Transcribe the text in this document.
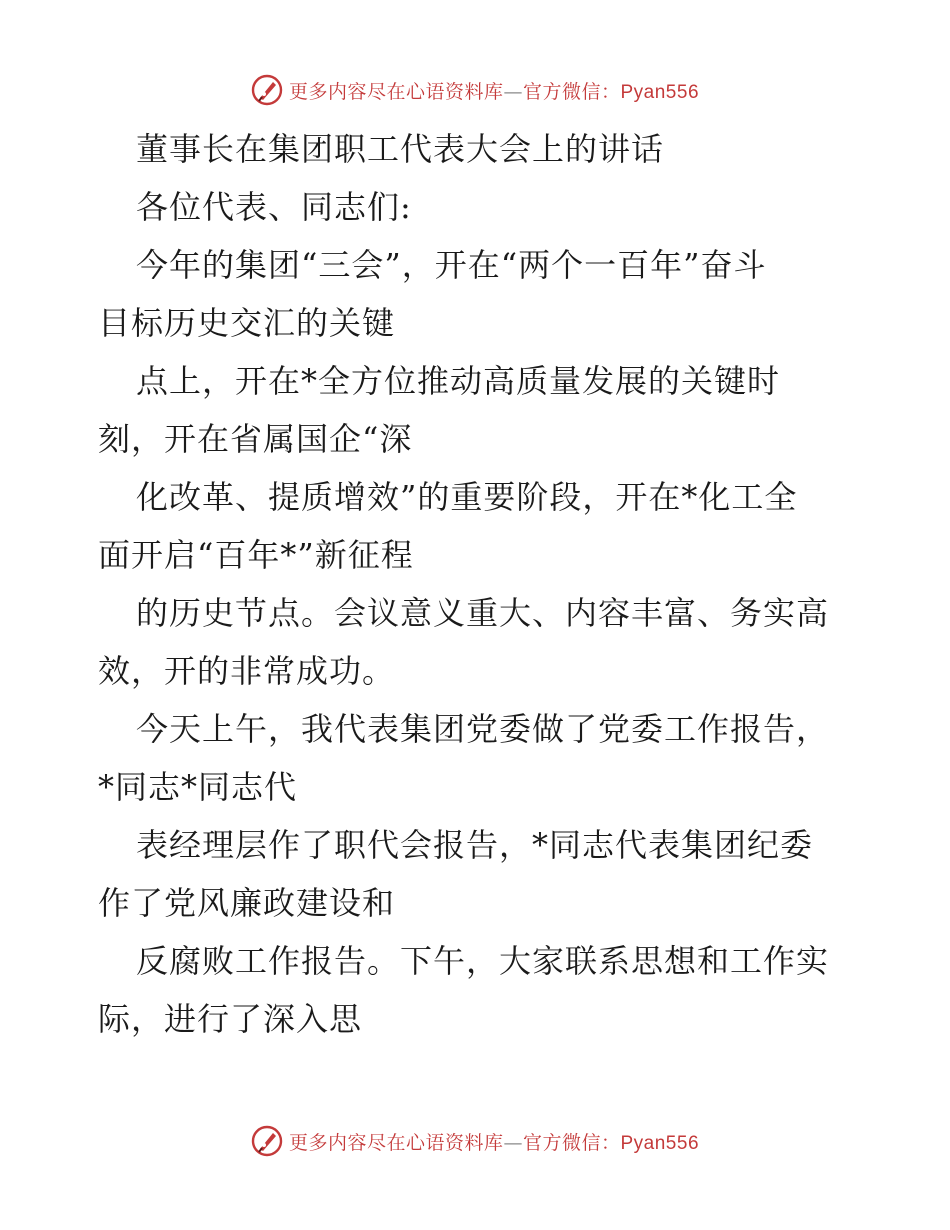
更多内容尽在心语资料库—官方微信：Pyan556
董事长在集团职工代表大会上的讲话
各位代表、同志们:
今年的集团“三会”，开在“两个一百年”奋斗
目标历史交汇的关键
点上，开在*全方位推动高质量发展的关键时
刻，开在省属国企“深
化改革、提质增效”的重要阶段，开在*化工全
面开启“百年*”新征程
的历史节点。会议意义重大、内容丰富、务实高
效，开的非常成功。
今天上午，我代表集团党委做了党委工作报告，
*同志*同志代
表经理层作了职代会报告，*同志代表集团纪委
作了党风廉政建设和
反腐败工作报告。下午，大家联系思想和工作实
际，进行了深入思
更多内容尽在心语资料库—官方微信：Pyan556
